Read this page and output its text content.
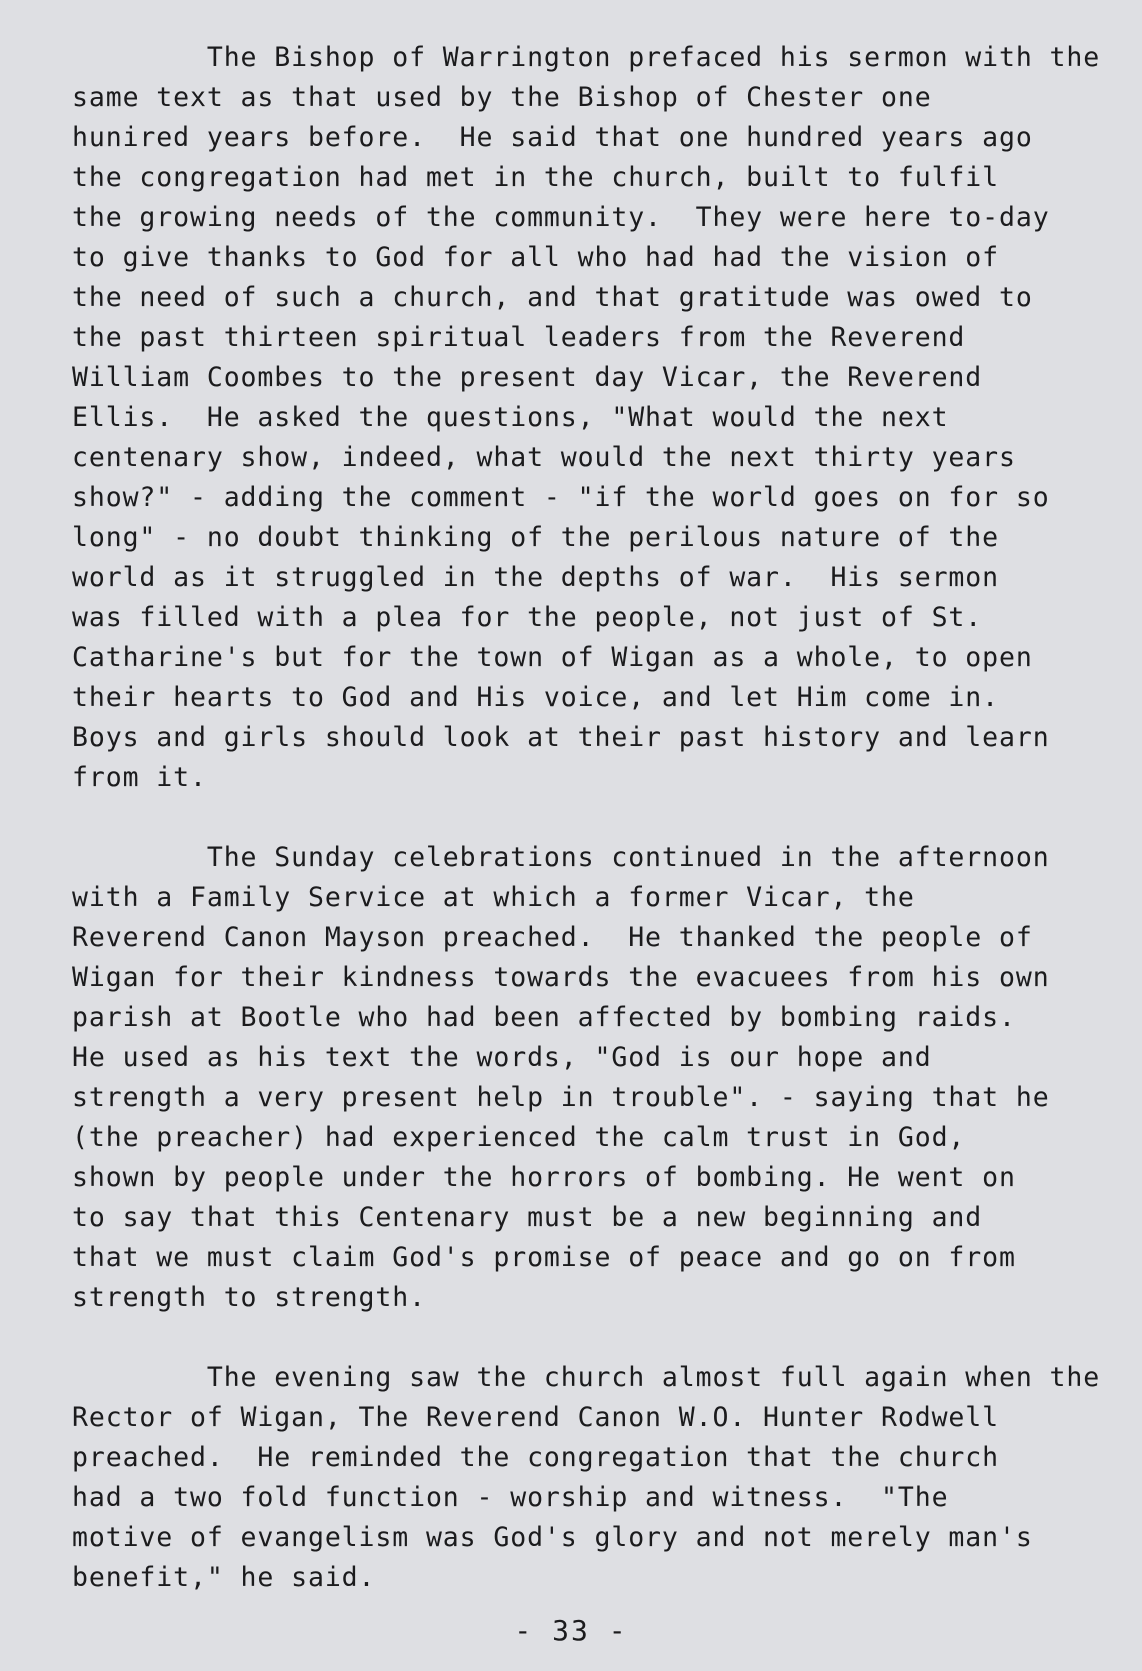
The Bishop of Warrington prefaced his sermon with the
same text as that used by the Bishop of Chester one
hunired years before.  He said that one hundred years ago
the congregation had met in the church, built to fulfil
the growing needs of the community.  They were here to-day
to give thanks to God for all who had had the vision of
the need of such a church, and that gratitude was owed to
the past thirteen spiritual leaders from the Reverend
William Coombes to the present day Vicar, the Reverend
Ellis.  He asked the questions, "What would the next
centenary show, indeed, what would the next thirty years
show?" - adding the comment - "if the world goes on for so
long" - no doubt thinking of the perilous nature of the
world as it struggled in the depths of war.  His sermon
was filled with a plea for the people, not just of St.
Catharine's but for the town of Wigan as a whole, to open
their hearts to God and His voice, and let Him come in.
Boys and girls should look at their past history and learn
from it.

The Sunday celebrations continued in the afternoon
with a Family Service at which a former Vicar, the
Reverend Canon Mayson preached.  He thanked the people of
Wigan for their kindness towards the evacuees from his own
parish at Bootle who had been affected by bombing raids.
He used as his text the words, "God is our hope and
strength a very present help in trouble". - saying that he
(the preacher) had experienced the calm trust in God,
shown by people under the horrors of bombing. He went on
to say that this Centenary must be a new beginning and
that we must claim God's promise of peace and go on from
strength to strength.

The evening saw the church almost full again when the
Rector of Wigan, The Reverend Canon W.O. Hunter Rodwell
preached.  He reminded the congregation that the church
had a two fold function - worship and witness.  "The
motive of evangelism was God's glory and not merely man's
benefit," he said.

- 33 -
